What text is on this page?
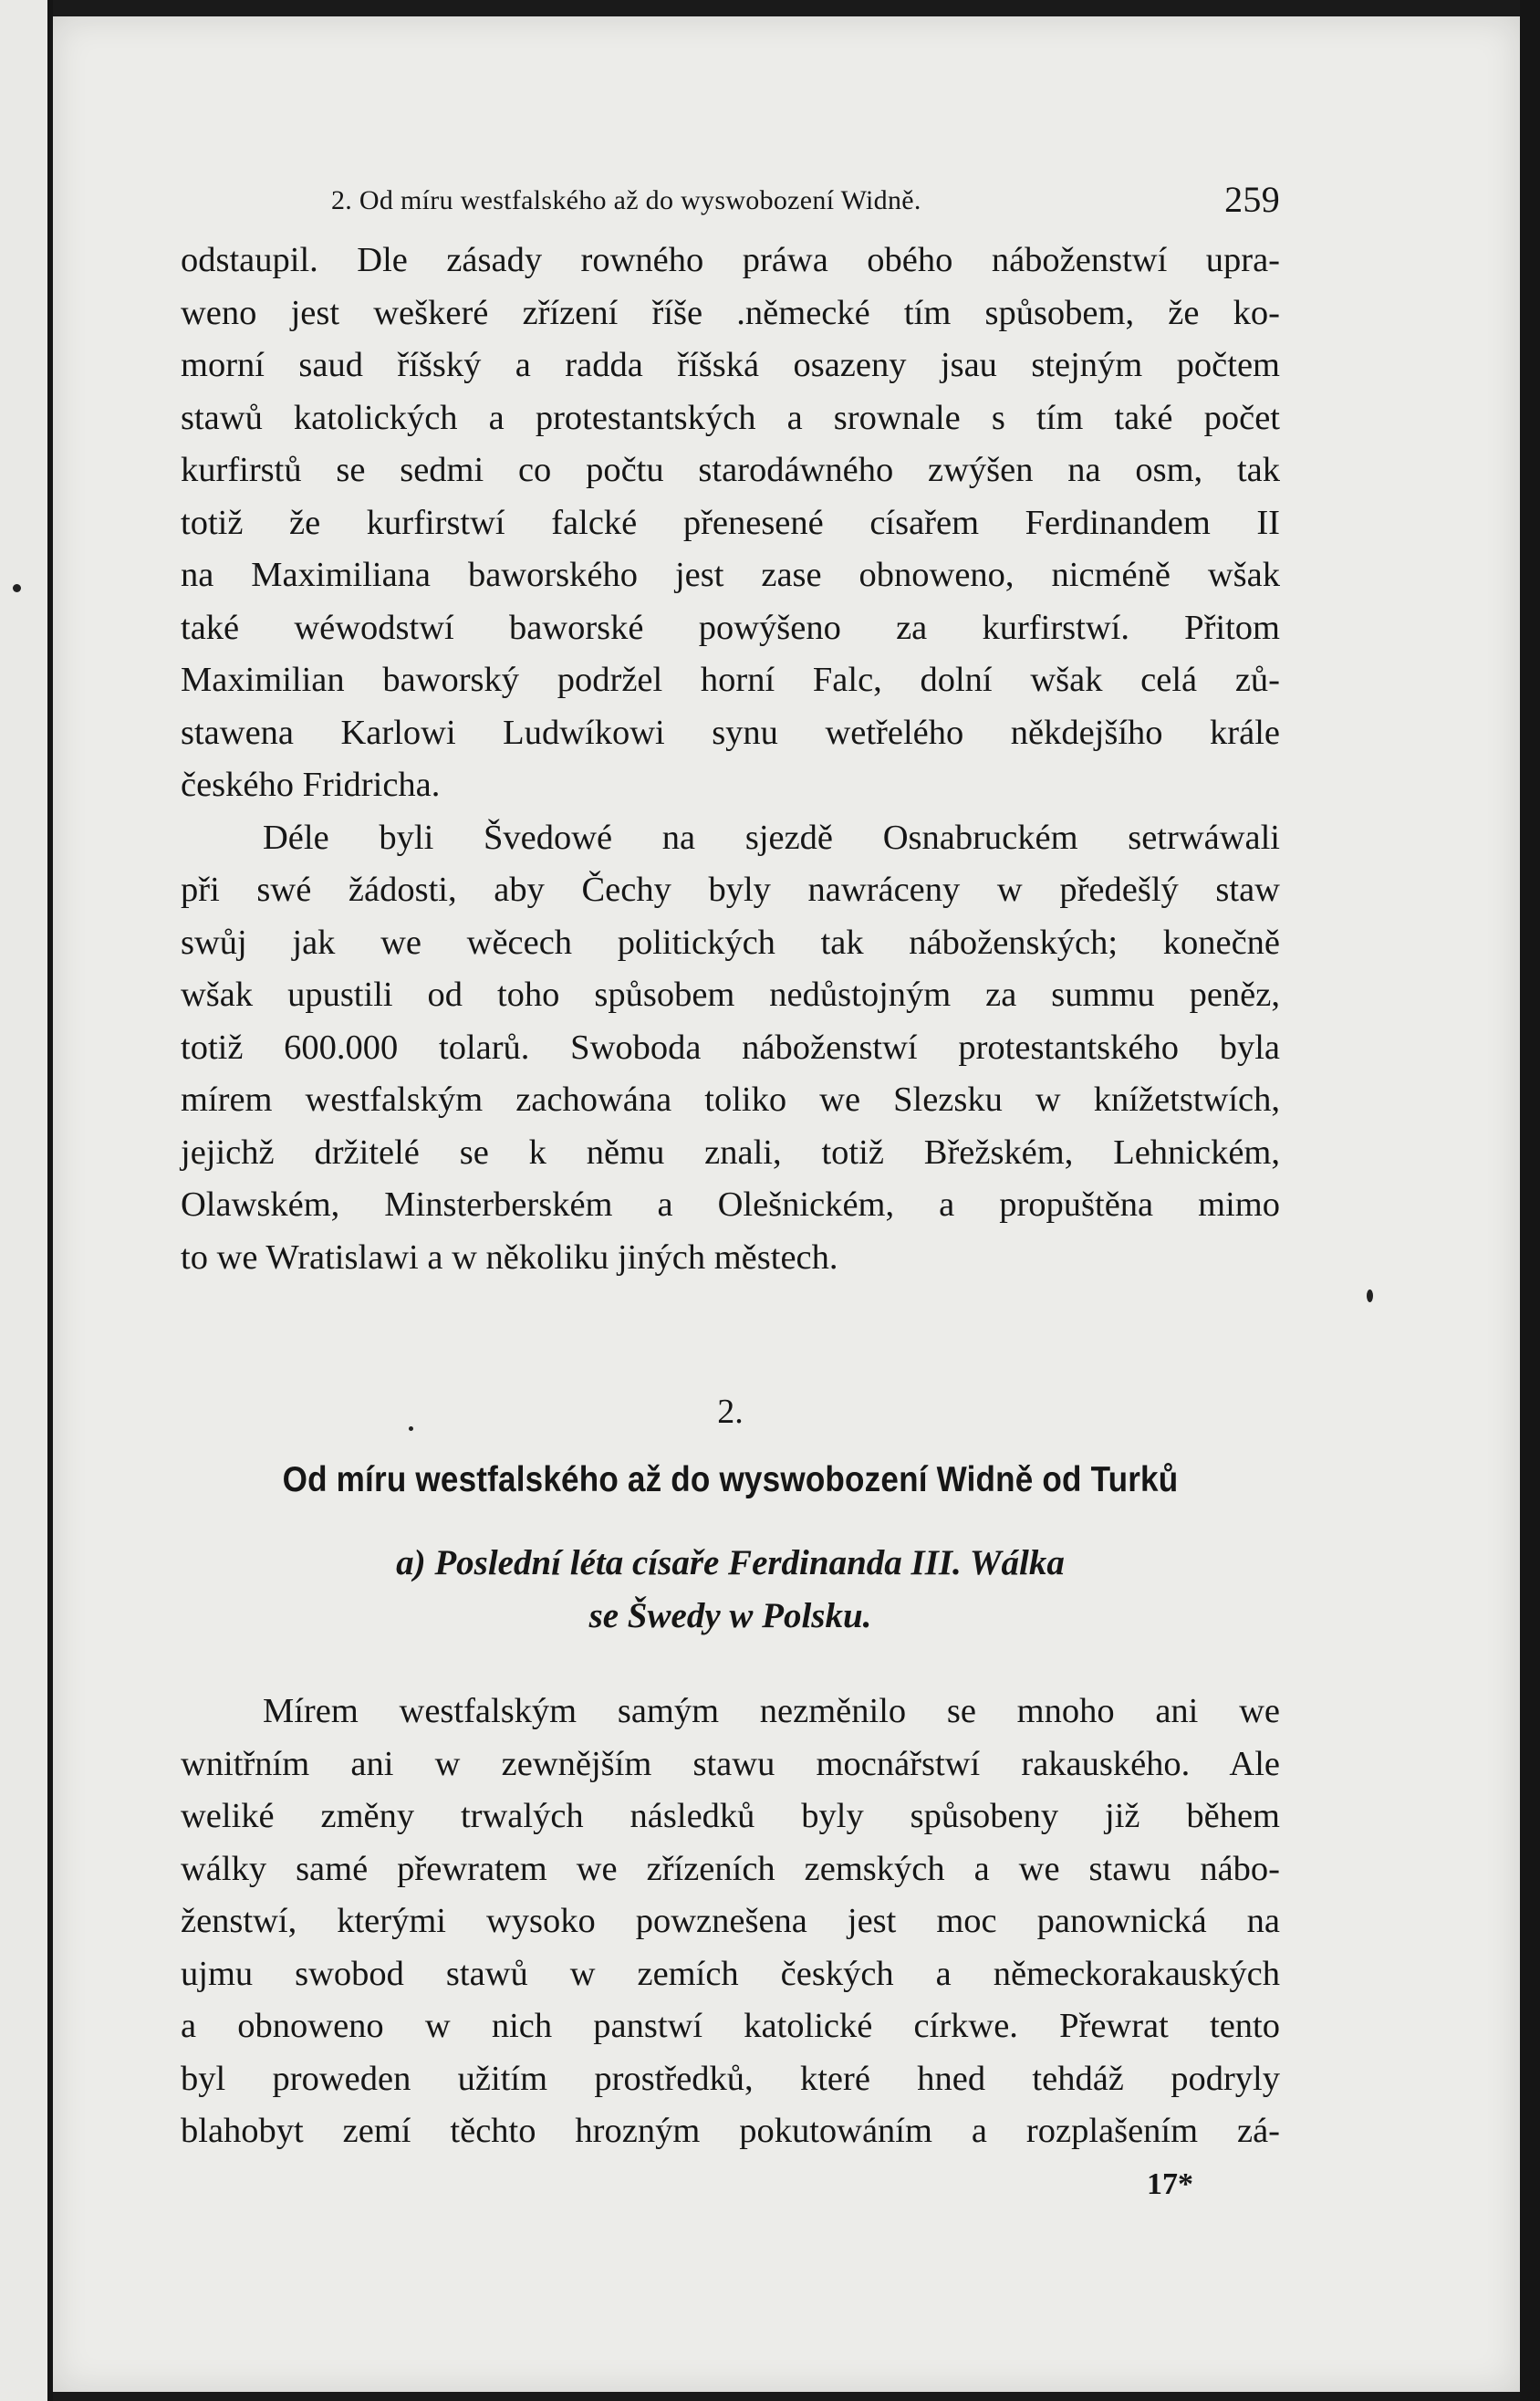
2. Od míru westfalského až do wyswobození Widně.	259
odstaupil. Dle zásady rowného práwa obého náboženstwí upra-
weno jest weškeré zřízení říše .německé tím spůsobem, že ko-
morní saud říšský a radda říšská osazeny jsau stejným počtem
stawů katolických a protestantských a srownale s tím také počet
kurfirstů se sedmi co počtu starodáwného zwýšen na osm, tak
totiž že kurfirstwí falcké přenesené císařem Ferdinandem II
na Maximiliana baworského jest zase obnoweno, nicméně wšak
také wéwodstwí baworské powýšeno za kurfirstwí. Přitom
Maximilian baworský podržel horní Falc, dolní wšak celá zů-
stawena Karlowi Ludwíkowi synu wetřelého někdejšího krále
českého Fridricha.
Déle byli Švedowé na sjezdě Osnabruckém setrwáwali
při swé žádosti, aby Čechy byly nawráceny w předešlý staw
swůj jak we wěcech politických tak náboženských; konečně
wšak upustili od toho spůsobem nedůstojným za summu peněz,
totiž 600.000 tolarů. Swoboda náboženstwí protestantského byla
mírem westfalským zachowána toliko we Slezsku w knížetstwích,
jejichž držitelé se k němu znali, totiž Břežském, Lehnickém,
Olawském, Minsterberském a Olešnickém, a propuštěna mimo
to we Wratislawi a w několiku jiných městech.
2.
Od míru westfalského až do wyswobození Widně od Turků
a) Poslední léta císaře Ferdinanda III. Wálka
se Šwedy w Polsku.
Mírem westfalským samým nezměnilo se mnoho ani we
wnitřním ani w zewnějším stawu mocnářstwí rakauského. Ale
weliké změny trwalých následků byly spůsobeny již během
wálky samé přewratem we zřízeních zemských a we stawu nábo-
ženstwí, kterými wysoko powznešena jest moc panownická na
ujmu swobod stawů w zemích českých a německorakauských
a obnoweno w nich panstwí katolické církwe. Přewrat tento
byl proweden užitím prostředků, které hned tehdáž podryly
blahobyt zemí těchto hrozným pokutowáním a rozplašením zá-
17*
